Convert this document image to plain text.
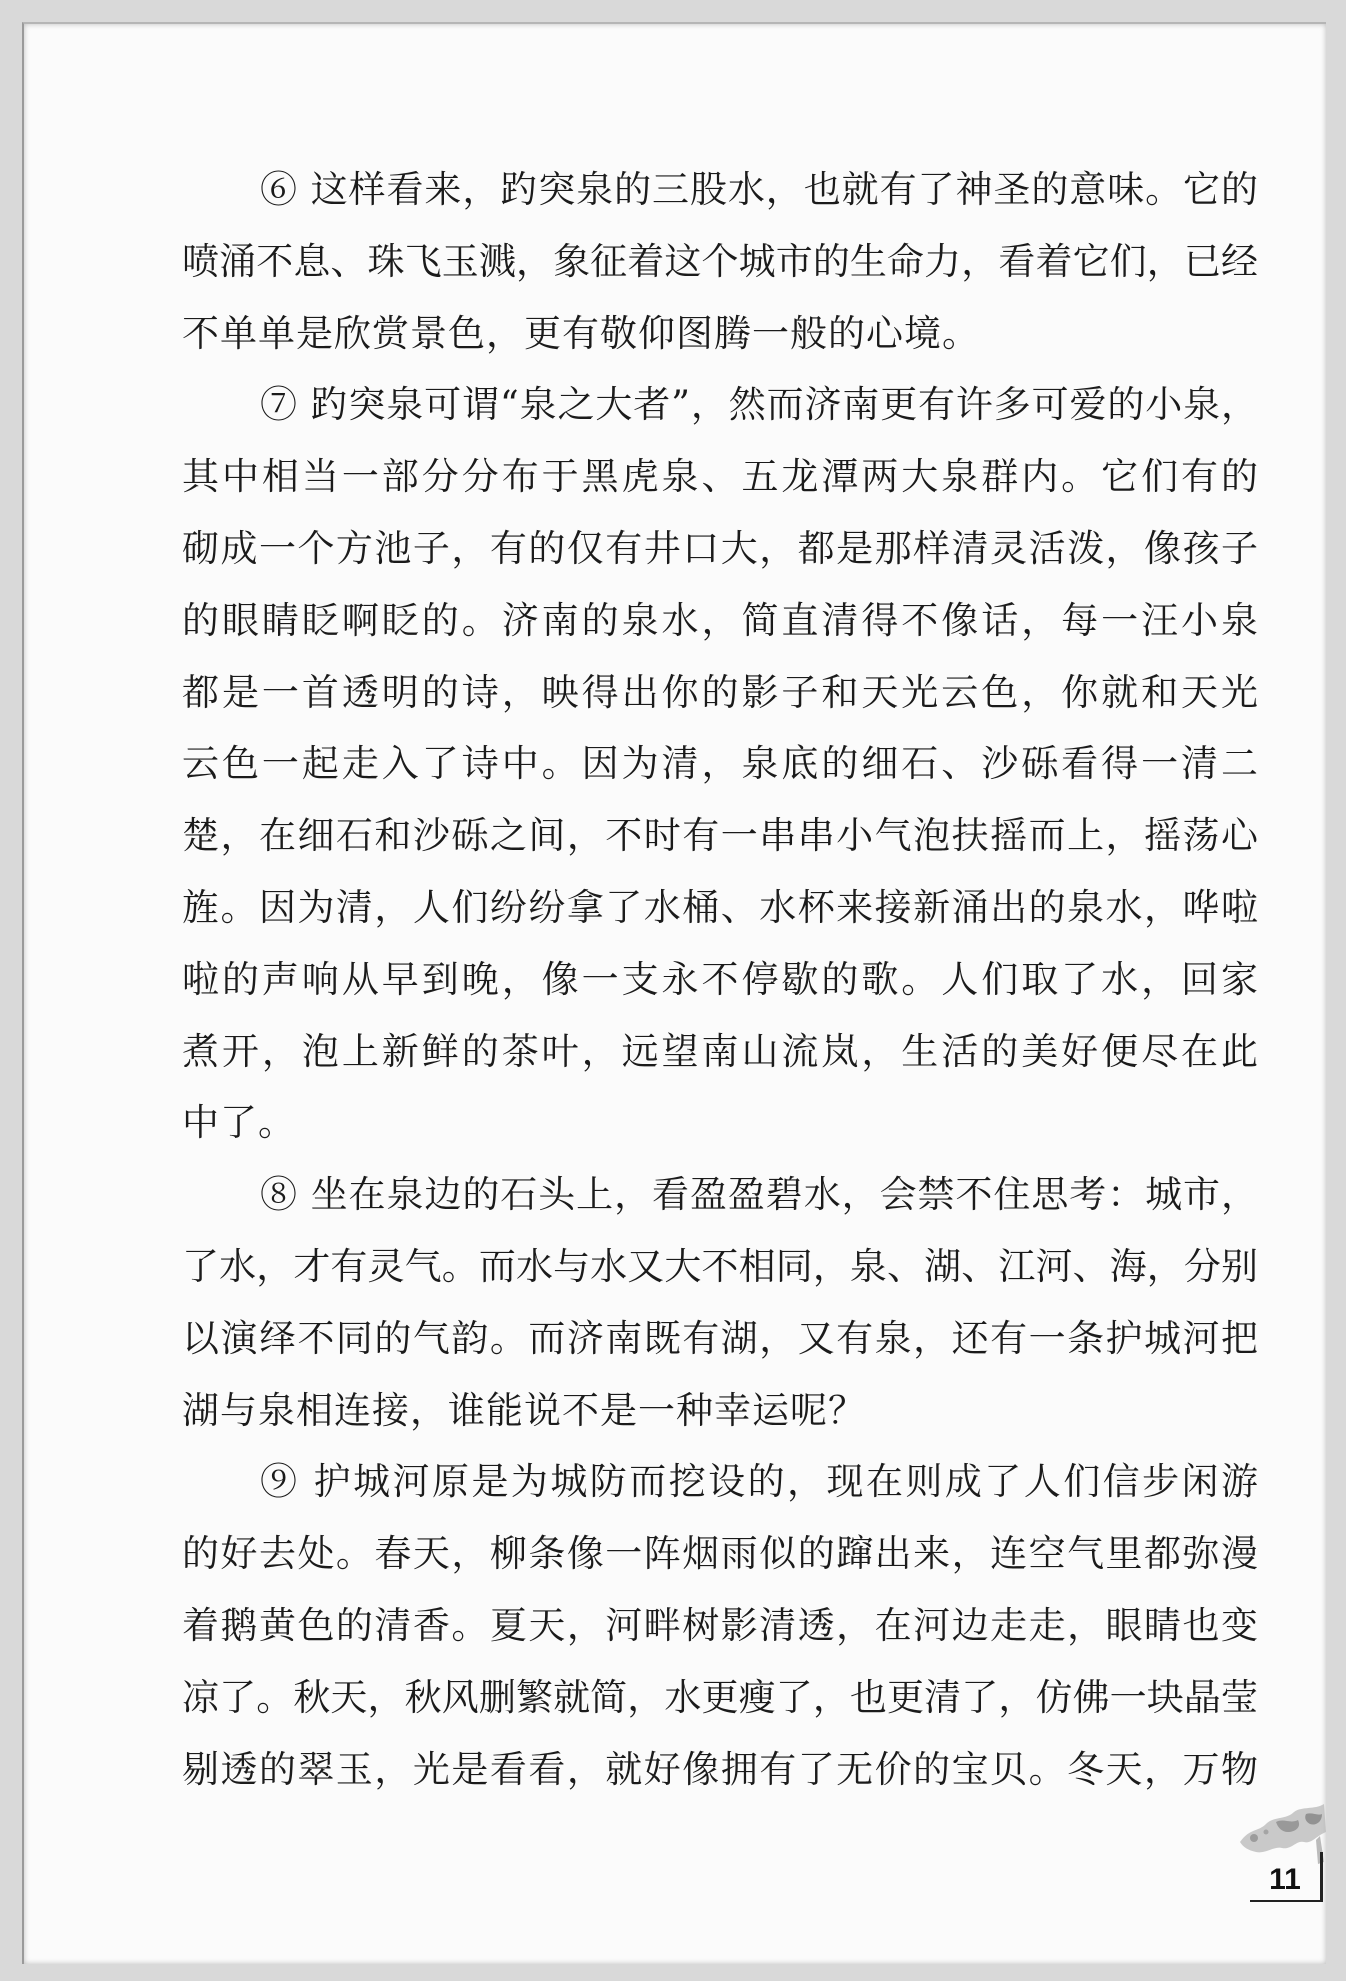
⑥ 这样看来，趵突泉的三股水，也就有了神圣的意味。它的
喷涌不息、珠飞玉溅，象征着这个城市的生命力，看着它们，已经
不单单是欣赏景色，更有敬仰图腾一般的心境。
⑦ 趵突泉可谓“泉之大者”，然而济南更有许多可爱的小泉，
其中相当一部分分布于黑虎泉、五龙潭两大泉群内。它们有的
砌成一个方池子，有的仅有井口大，都是那样清灵活泼，像孩子
的眼睛眨啊眨的。济南的泉水，简直清得不像话，每一汪小泉
都是一首透明的诗，映得出你的影子和天光云色，你就和天光
云色一起走入了诗中。因为清，泉底的细石、沙砾看得一清二
楚，在细石和沙砾之间，不时有一串串小气泡扶摇而上，摇荡心
旌。因为清，人们纷纷拿了水桶、水杯来接新涌出的泉水，哗啦
啦的声响从早到晚，像一支永不停歇的歌。人们取了水，回家
煮开，泡上新鲜的茶叶，远望南山流岚，生活的美好便尽在此
中了。
⑧ 坐在泉边的石头上，看盈盈碧水，会禁不住思考：城市，
了水，才有灵气。而水与水又大不相同，泉、湖、江河、海，分别
以演绎不同的气韵。而济南既有湖，又有泉，还有一条护城河把
湖与泉相连接，谁能说不是一种幸运呢？
⑨ 护城河原是为城防而挖设的，现在则成了人们信步闲游
的好去处。春天，柳条像一阵烟雨似的蹿出来，连空气里都弥漫
着鹅黄色的清香。夏天，河畔树影清透，在河边走走，眼睛也变
凉了。秋天，秋风删繁就简，水更瘦了，也更清了，仿佛一块晶莹
剔透的翠玉，光是看看，就好像拥有了无价的宝贝。冬天，万物
11
